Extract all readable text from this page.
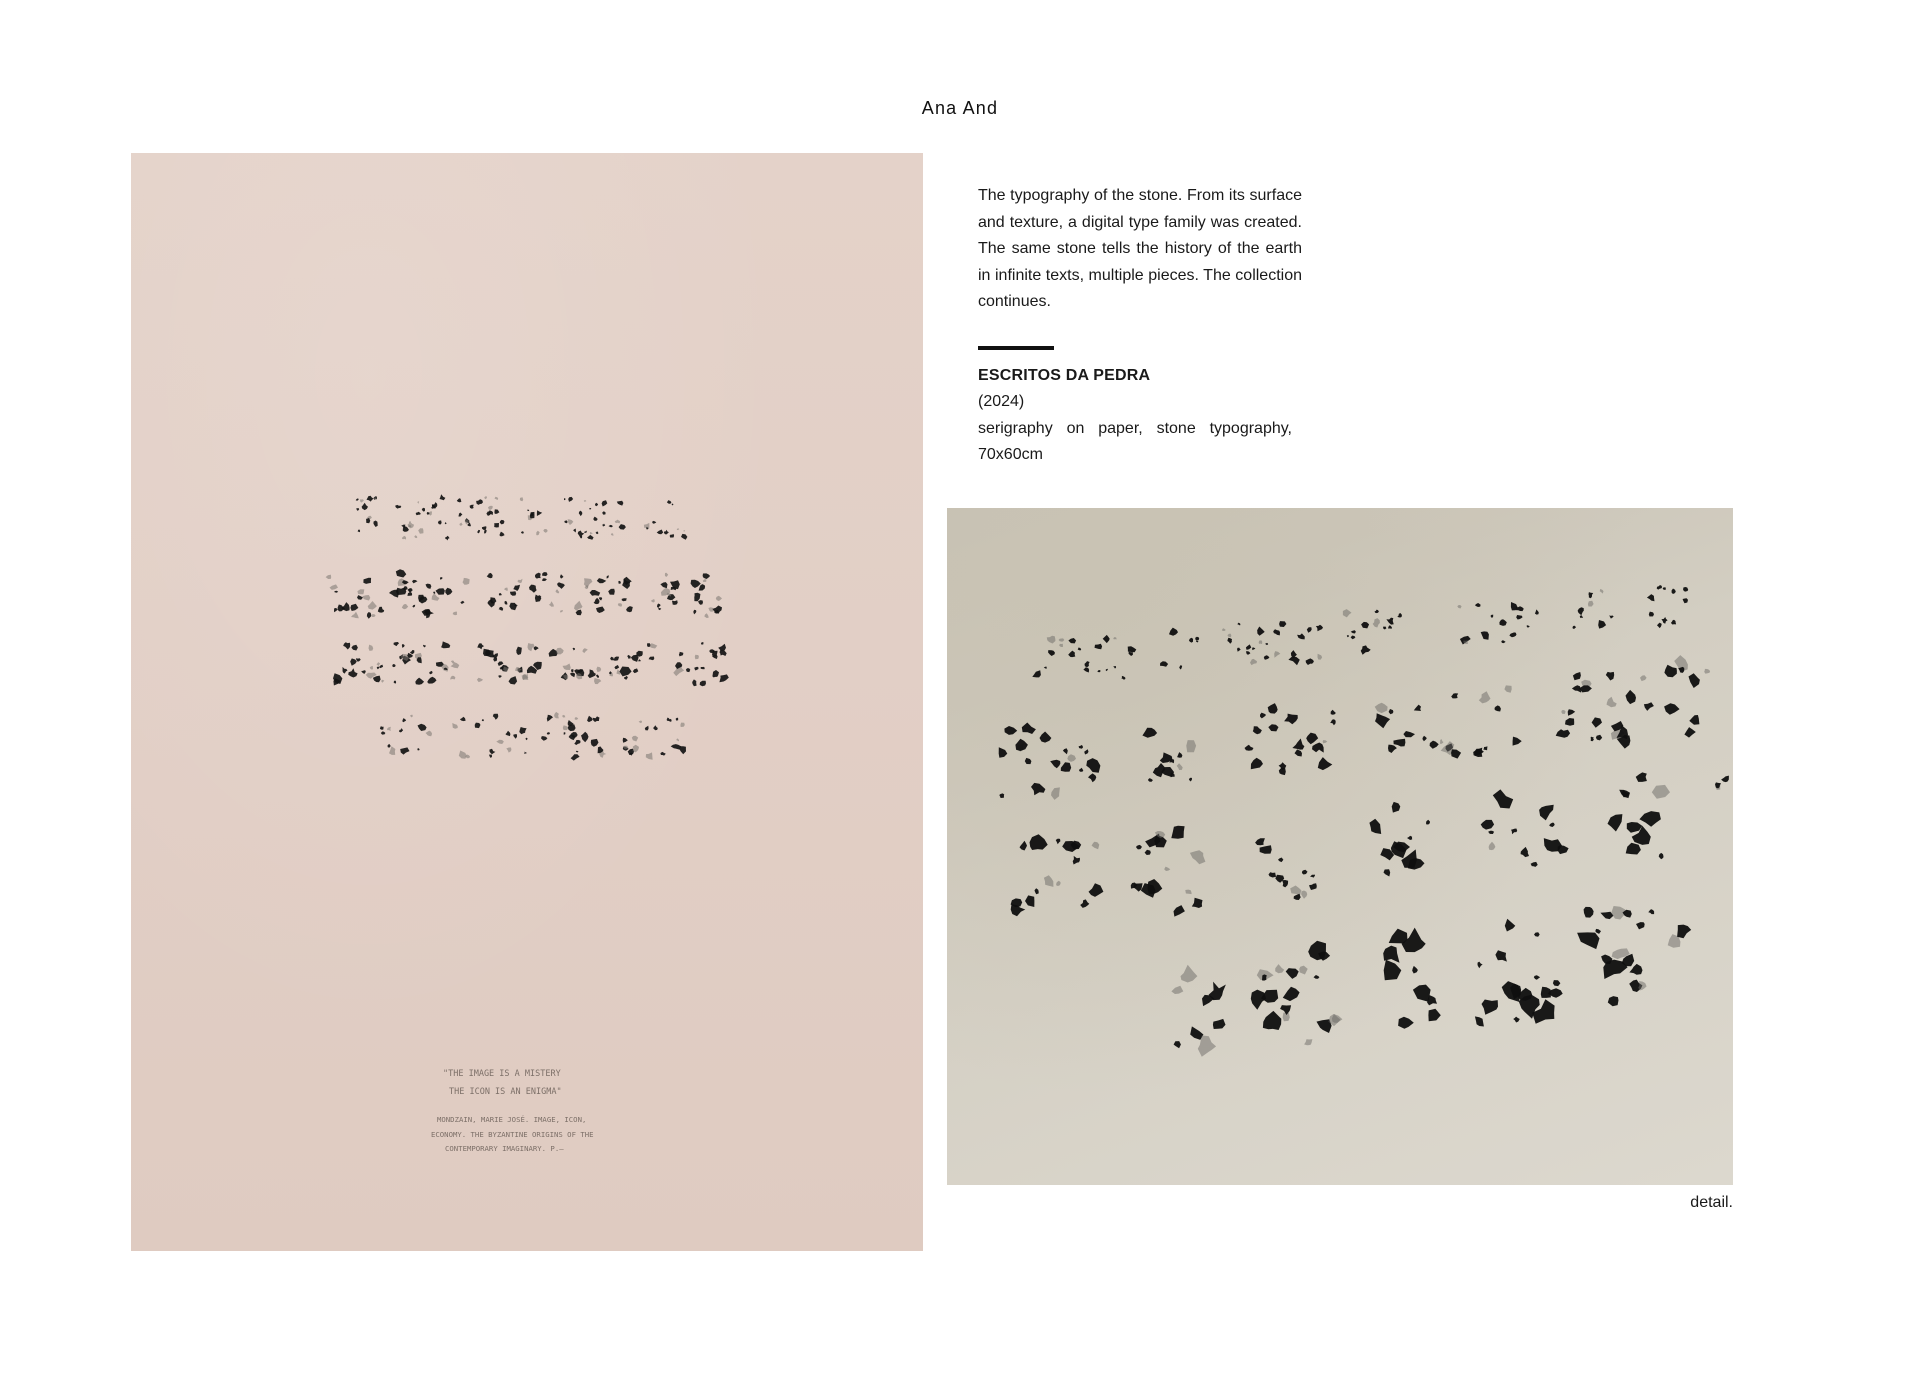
Ana And
"THE IMAGE IS A MISTERY
THE ICON IS AN ENIGMA"
MONDZAIN, MARIE JOSÉ. IMAGE, ICON,
ECONOMY. THE BYZANTINE ORIGINS OF THE
CONTEMPORARY IMAGINARY. P.—

The typography of the stone. From its surface and texture, a digital type family was created. The same stone tells the history of the earth in infinite texts, multiple pieces. The collection continues.

ESCRITOS DA PEDRA
(2024)
serigraphy on paper, stone typography, 70x60cm
detail.
